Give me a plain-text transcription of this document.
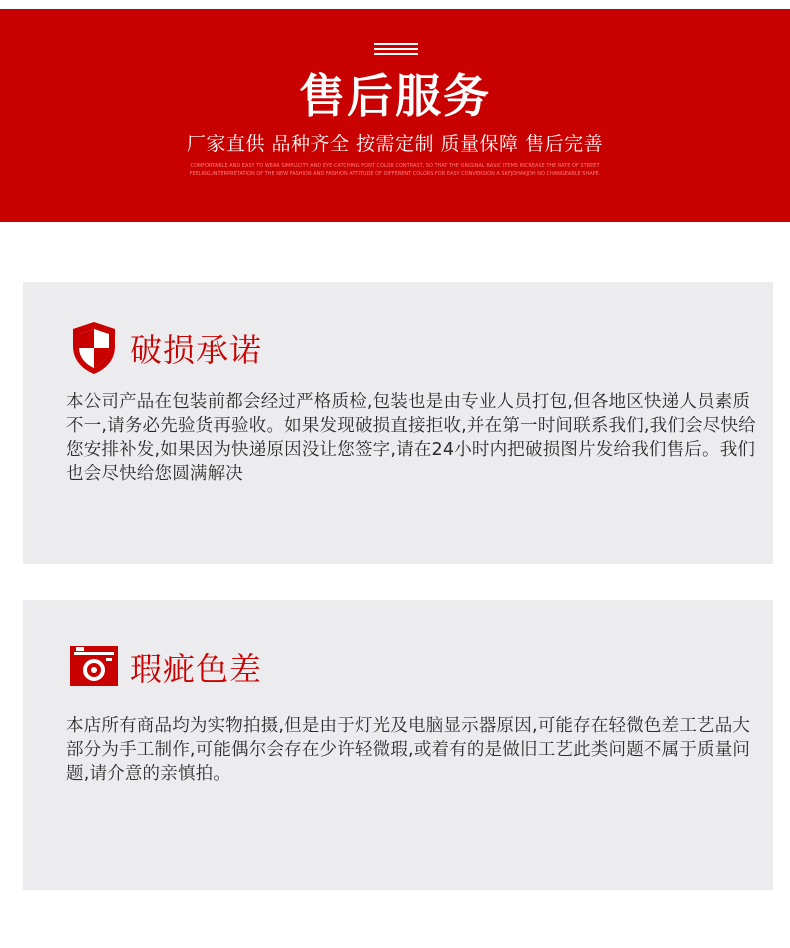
售后服务
厂家直供 品种齐全 按需定制 质量保障 售后完善
COMFORTABLE AND EASY TO WEAR SIMPLICITY AND EYE-CATCHING FONT COLOR CONTRAST, SO THAT THE ORIGINAL BASIC ITEMS INCREASE THE RATE OF STREET FEELING,INTERPRETATION OF THE NEW FASHION AND FASHION ATTITUDE OF DIFFERENT COLORS FOR EASY CONVERSION A SKFJDHAKJDH NO CHANGEABLE SHAPE.
破损承诺
本公司产品在包装前都会经过严格质检,包装也是由专业人员打包,但各地区快递人员素质不一,请务必先验货再验收。如果发现破损直接拒收,并在第一时间联系我们,我们会尽快给您安排补发,如果因为快递原因没让您签字,请在24小时内把破损图片发给我们售后。我们也会尽快给您圆满解决
瑕疵色差
本店所有商品均为实物拍摄,但是由于灯光及电脑显示器原因,可能存在轻微色差工艺品大部分为手工制作,可能偶尔会存在少许轻微瑕,或着有的是做旧工艺此类问题不属于质量问题,请介意的亲慎拍。
